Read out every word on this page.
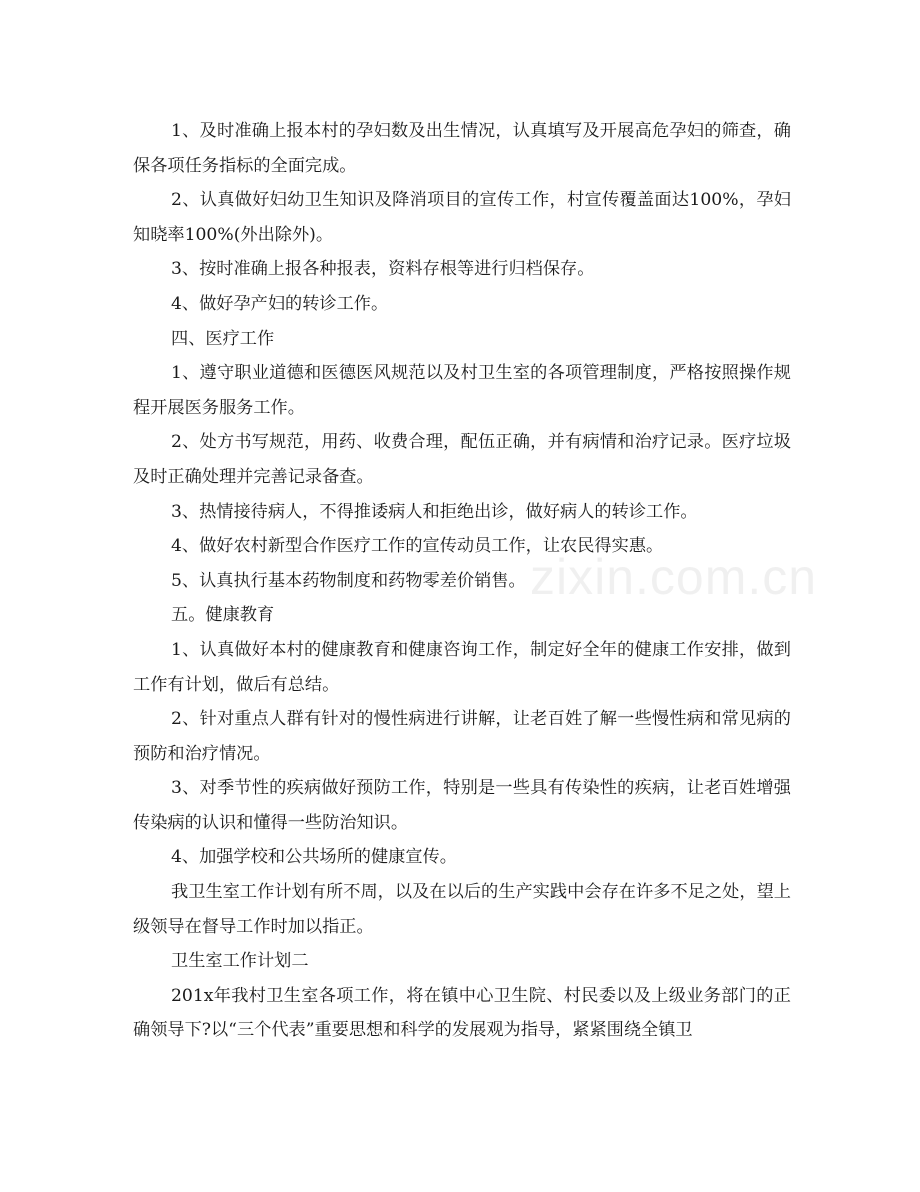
1、及时准确上报本村的孕妇数及出生情况，认真填写及开展高危孕妇的筛查，确保各项任务指标的全面完成。

2、认真做好妇幼卫生知识及降消项目的宣传工作，村宣传覆盖面达100%，孕妇知晓率100%(外出除外)。

3、按时准确上报各种报表，资料存根等进行归档保存。

4、做好孕产妇的转诊工作。

四、医疗工作

1、遵守职业道德和医德医风规范以及村卫生室的各项管理制度，严格按照操作规程开展医务服务工作。

2、处方书写规范，用药、收费合理，配伍正确，并有病情和治疗记录。医疗垃圾及时正确处理并完善记录备查。

3、热情接待病人，不得推诿病人和拒绝出诊，做好病人的转诊工作。

4、做好农村新型合作医疗工作的宣传动员工作，让农民得实惠。

5、认真执行基本药物制度和药物零差价销售。

五。健康教育

1、认真做好本村的健康教育和健康咨询工作，制定好全年的健康工作安排，做到工作有计划，做后有总结。

2、针对重点人群有针对的慢性病进行讲解，让老百姓了解一些慢性病和常见病的预防和治疗情况。

3、对季节性的疾病做好预防工作，特别是一些具有传染性的疾病，让老百姓增强传染病的认识和懂得一些防治知识。

4、加强学校和公共场所的健康宣传。

我卫生室工作计划有所不周，以及在以后的生产实践中会存在许多不足之处，望上级领导在督导工作时加以指正。

卫生室工作计划二

201x年我村卫生室各项工作，将在镇中心卫生院、村民委以及上级业务部门的正确领导下?以“三个代表”重要思想和科学的发展观为指导，紧紧围绕全镇卫

zixin.com.cn
